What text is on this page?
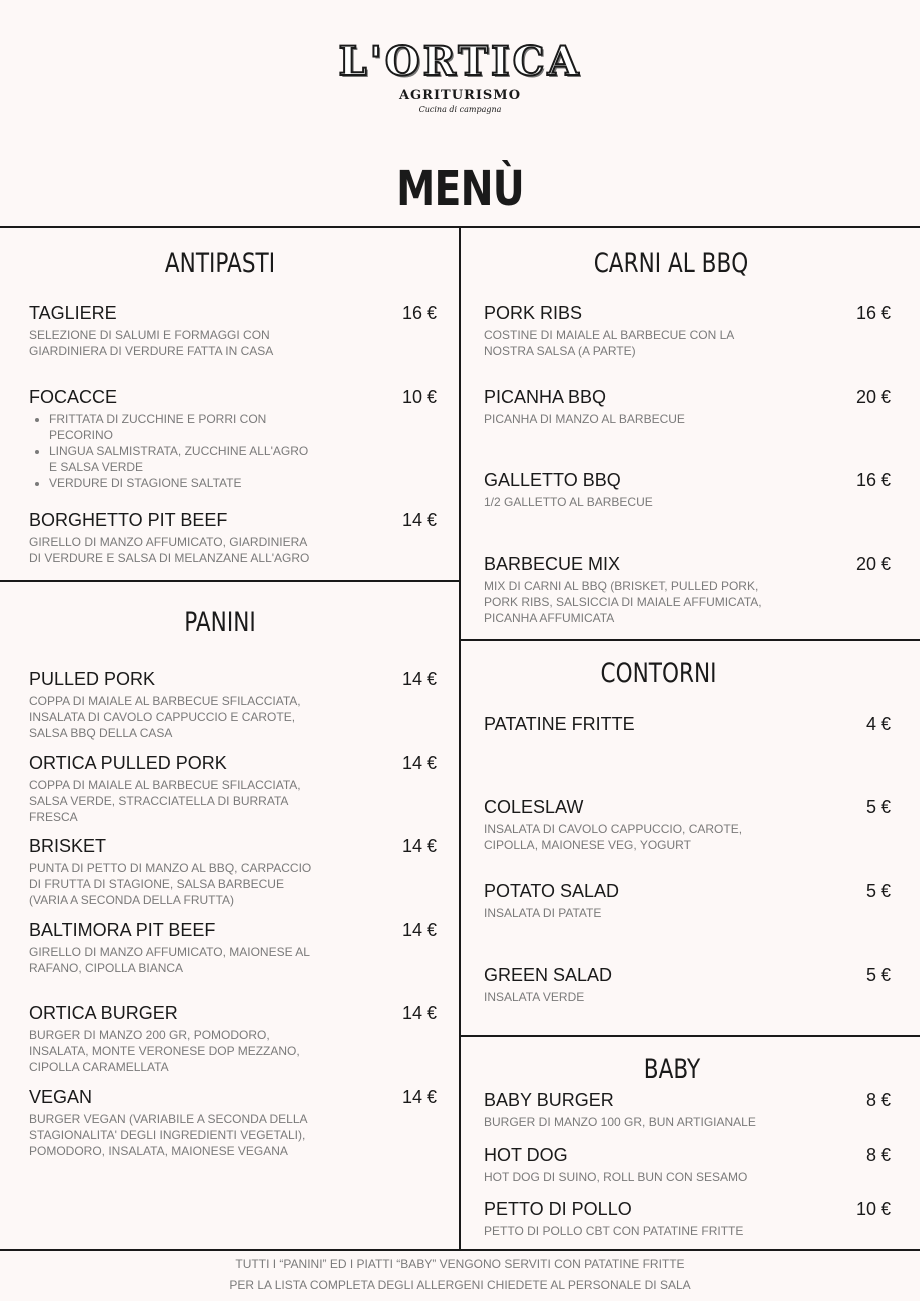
L'ORTICA
AGRITURISMO
Cucina di campagna
MENÙ
ANTIPASTI
TAGLIERE	16 €
SELEZIONE DI SALUMI E FORMAGGI CON
GIARDINIERA DI VERDURE FATTA IN CASA
FOCACCE	10 €
• FRITTATA DI ZUCCHINE E PORRI CON
PECORINO
• LINGUA SALMISTRATA, ZUCCHINE ALL'AGRO
E SALSA VERDE
• VERDURE DI STAGIONE SALTATE
BORGHETTO PIT BEEF	14 €
GIRELLO DI MANZO AFFUMICATO, GIARDINIERA
DI VERDURE E SALSA DI MELANZANE ALL'AGRO
PANINI
PULLED PORK	14 €
COPPA DI MAIALE AL BARBECUE SFILACCIATA,
INSALATA DI CAVOLO CAPPUCCIO E CAROTE,
SALSA BBQ DELLA CASA
ORTICA PULLED PORK	14 €
COPPA DI MAIALE AL BARBECUE SFILACCIATA,
SALSA VERDE, STRACCIATELLA DI BURRATA
FRESCA
BRISKET	14 €
PUNTA DI PETTO DI MANZO AL BBQ, CARPACCIO
DI FRUTTA DI STAGIONE, SALSA BARBECUE
(VARIA A SECONDA DELLA FRUTTA)
BALTIMORA PIT BEEF	14 €
GIRELLO DI MANZO AFFUMICATO, MAIONESE AL
RAFANO, CIPOLLA BIANCA
ORTICA BURGER	14 €
BURGER DI MANZO 200 GR, POMODORO,
INSALATA, MONTE VERONESE DOP MEZZANO,
CIPOLLA CARAMELLATA
VEGAN	14 €
BURGER VEGAN (VARIABILE A SECONDA DELLA
STAGIONALITA' DEGLI INGREDIENTI VEGETALI),
POMODORO, INSALATA, MAIONESE VEGANA
CARNI AL BBQ
PORK RIBS	16 €
COSTINE DI MAIALE AL BARBECUE CON LA
NOSTRA SALSA (A PARTE)
PICANHA BBQ	20 €
PICANHA DI MANZO AL BARBECUE
GALLETTO BBQ	16 €
1/2 GALLETTO AL BARBECUE
BARBECUE MIX	20 €
MIX DI CARNI AL BBQ (BRISKET, PULLED PORK,
PORK RIBS, SALSICCIA DI MAIALE AFFUMICATA,
PICANHA AFFUMICATA
CONTORNI
PATATINE FRITTE	4 €
COLESLAW	5 €
INSALATA DI CAVOLO CAPPUCCIO, CAROTE,
CIPOLLA, MAIONESE VEG, YOGURT
POTATO SALAD	5 €
INSALATA DI PATATE
GREEN SALAD	5 €
INSALATA VERDE
BABY
BABY BURGER	8 €
BURGER DI MANZO 100 GR, BUN ARTIGIANALE
HOT DOG	8 €
HOT DOG DI SUINO, ROLL BUN CON SESAMO
PETTO DI POLLO	10 €
PETTO DI POLLO CBT CON PATATINE FRITTE
TUTTI I “PANINI” ED I PIATTI “BABY” VENGONO SERVITI CON PATATINE FRITTE
PER LA LISTA COMPLETA DEGLI ALLERGENI CHIEDETE AL PERSONALE DI SALA
